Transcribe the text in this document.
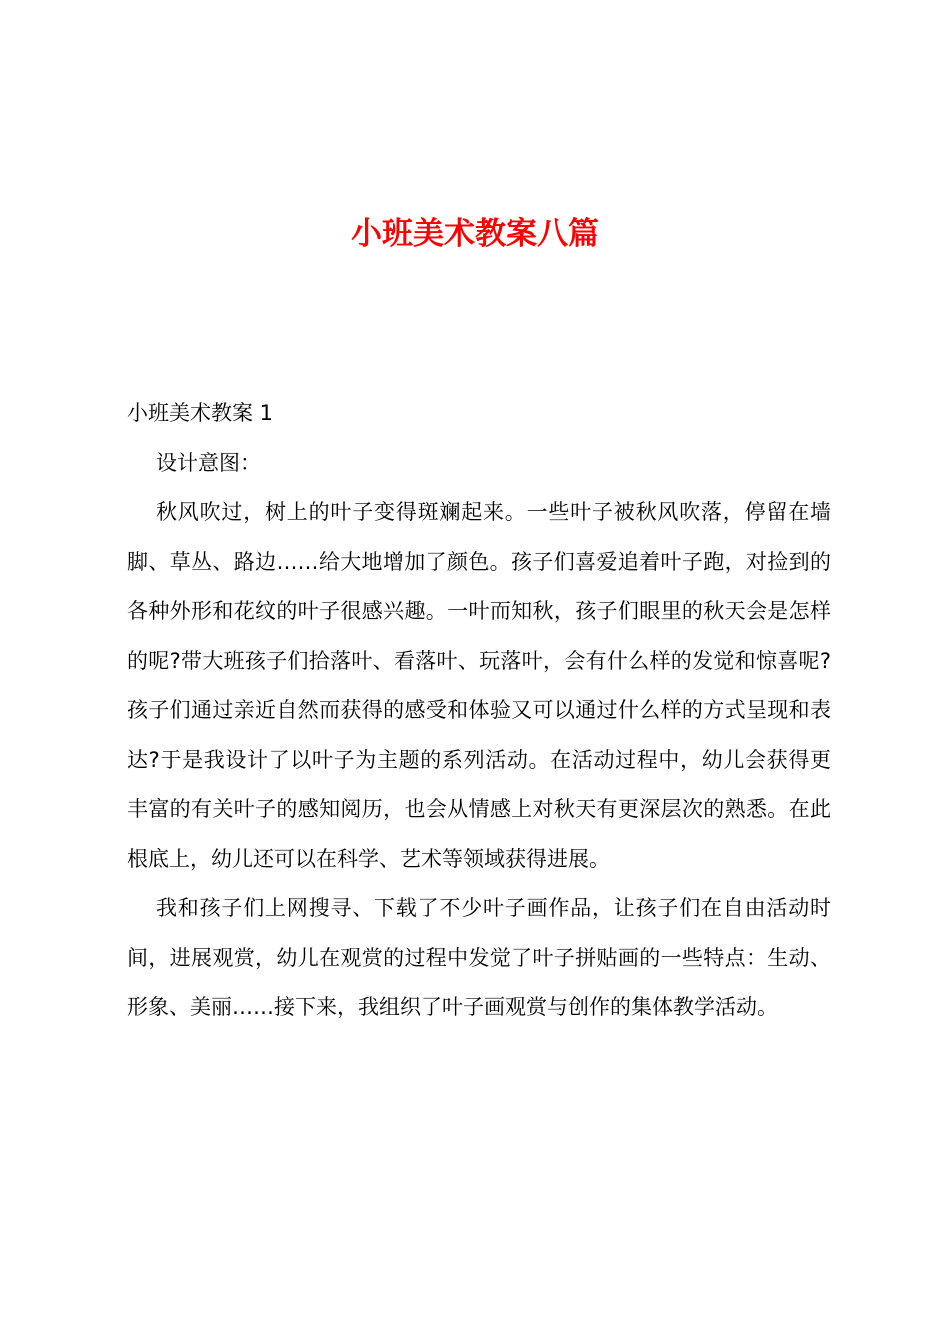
小班美术教案八篇

小班美术教案 1

设计意图：

秋风吹过，树上的叶子变得斑斓起来。一些叶子被秋风吹落，停留在墙脚、草丛、路边……给大地增加了颜色。孩子们喜爱追着叶子跑，对捡到的各种外形和花纹的叶子很感兴趣。一叶而知秋，孩子们眼里的秋天会是怎样的呢?带大班孩子们拾落叶、看落叶、玩落叶，会有什么样的发觉和惊喜呢?孩子们通过亲近自然而获得的感受和体验又可以通过什么样的方式呈现和表达?于是我设计了以叶子为主题的系列活动。在活动过程中，幼儿会获得更丰富的有关叶子的感知阅历，也会从情感上对秋天有更深层次的熟悉。在此根底上，幼儿还可以在科学、艺术等领域获得进展。

我和孩子们上网搜寻、下载了不少叶子画作品，让孩子们在自由活动时间，进展观赏，幼儿在观赏的过程中发觉了叶子拼贴画的一些特点：生动、形象、美丽……接下来，我组织了叶子画观赏与创作的集体教学活动。
